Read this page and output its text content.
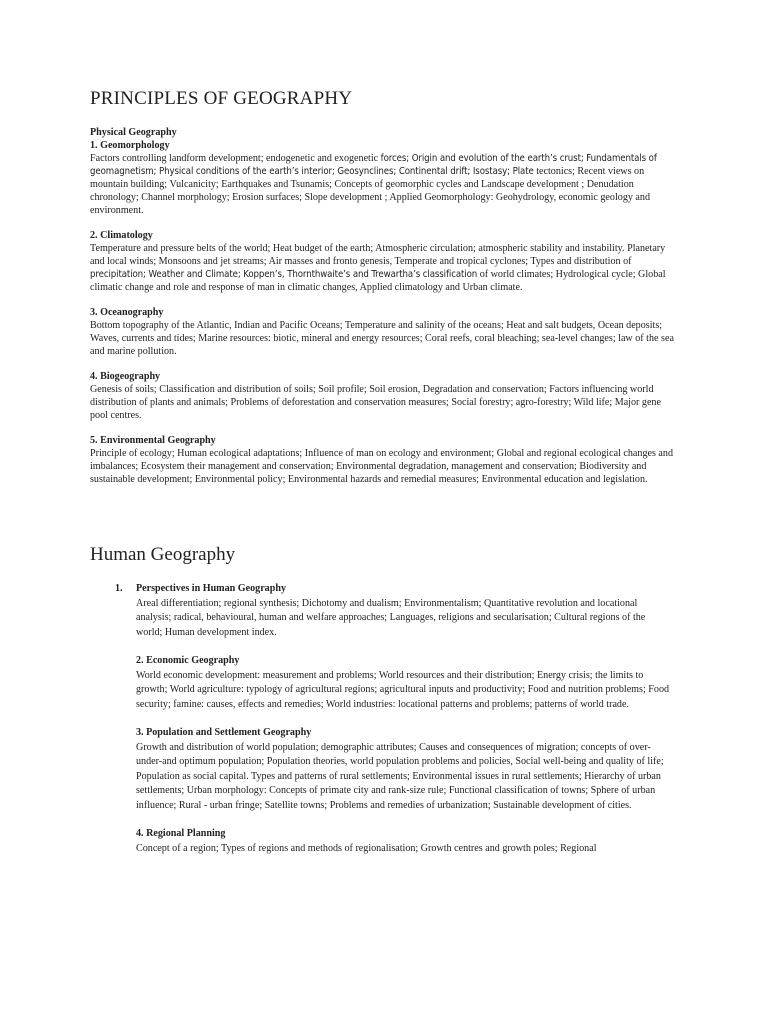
PRINCIPLES OF GEOGRAPHY

Physical Geography
1. Geomorphology
Factors controlling landform development; endogenetic and exogenetic forces; Origin and evolution of the earth’s crust; Fundamentals of geomagnetism; Physical conditions of the earth’s interior; Geosynclines; Continental drift; Isostasy; Plate tectonics; Recent views on mountain building; Vulcanicity; Earthquakes and Tsunamis; Concepts of geomorphic cycles and Landscape development ; Denudation chronology; Channel morphology; Erosion surfaces; Slope development ; Applied Geomorphology: Geohydrology, economic geology and environment.

2. Climatology
Temperature and pressure belts of the world; Heat budget of the earth; Atmospheric circulation; atmospheric stability and instability. Planetary and local winds; Monsoons and jet streams; Air masses and fronto genesis, Temperate and tropical cyclones; Types and distribution of precipitation; Weather and Climate; Koppen’s, Thornthwaite’s and Trewartha’s classification of world climates; Hydrological cycle; Global climatic change and role and response of man in climatic changes, Applied climatology and Urban climate.

3. Oceanography
Bottom topography of the Atlantic, Indian and Pacific Oceans; Temperature and salinity of the oceans; Heat and salt budgets, Ocean deposits; Waves, currents and tides; Marine resources: biotic, mineral and energy resources; Coral reefs, coral bleaching; sea-level changes; law of the sea and marine pollution.

4. Biogeography
Genesis of soils; Classification and distribution of soils; Soil profile; Soil erosion, Degradation and conservation; Factors influencing world distribution of plants and animals; Problems of deforestation and conservation measures; Social forestry; agro-forestry; Wild life; Major gene pool centres.

5. Environmental Geography
Principle of ecology; Human ecological adaptations; Influence of man on ecology and environment; Global and regional ecological changes and imbalances; Ecosystem their management and conservation; Environmental degradation, management and conservation; Biodiversity and sustainable development; Environmental policy; Environmental hazards and remedial measures; Environmental education and legislation.

Human Geography

1. Perspectives in Human Geography
Areal differentiation; regional synthesis; Dichotomy and dualism; Environmentalism; Quantitative revolution and locational analysis; radical, behavioural, human and welfare approaches; Languages, religions and secularisation; Cultural regions of the world; Human development index.

2. Economic Geography
World economic development: measurement and problems; World resources and their distribution; Energy crisis; the limits to growth; World agriculture: typology of agricultural regions; agricultural inputs and productivity; Food and nutrition problems; Food security; famine: causes, effects and remedies; World industries: locational patterns and problems; patterns of world trade.

3. Population and Settlement Geography
Growth and distribution of world population; demographic attributes; Causes and consequences of migration; concepts of over-under-and optimum population; Population theories, world population problems and policies, Social well-being and quality of life; Population as social capital. Types and patterns of rural settlements; Environmental issues in rural settlements; Hierarchy of urban settlements; Urban morphology: Concepts of primate city and rank-size rule; Functional classification of towns; Sphere of urban influence; Rural - urban fringe; Satellite towns; Problems and remedies of urbanization; Sustainable development of cities.

4. Regional Planning
Concept of a region; Types of regions and methods of regionalisation; Growth centres and growth poles; Regional
